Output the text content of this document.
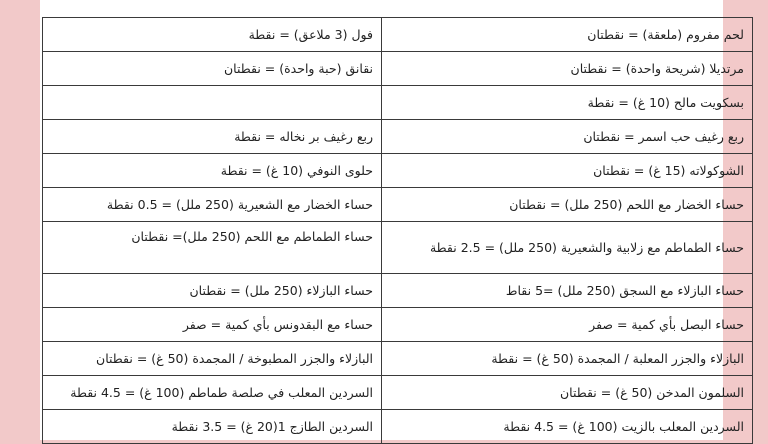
لحم مفروم (ملعقة) = نقطتان	فول (3 ملاعق) = نقطة
مرتديلا (شريحة واحدة) = نقطتان	نقانق (حبة واحدة) = نقطتان
بسكويت مالح (10 غ) = نقطة	
ربع رغيف حب اسمر = نقطتان	ربع رغيف بر نخاله = نقطة
الشوكولاته (15 غ) = نقطتان	حلوى النوفي (10 غ) = نقطة
حساء الخضار مع اللحم (250 ملل) = نقطتان	حساء الخضار مع الشعيرية (250 ملل) = 0.5 نقطة
حساء الطماطم مع زلابية والشعيرية (250 ملل) = 2.5 نقطة	حساء الطماطم مع اللحم (250 ملل)= نقطتان
حساء البازلاء مع السجق (250 ملل) =5 نقاط	حساء البازلاء (250 ملل) = نقطتان
حساء البصل بأي كمية = صفر	حساء مع البقدونس بأي كمية = صفر
البازلاء والجزر المعلبة / المجمدة (50 غ) = نقطة	البازلاء والجزر المطبوخة / المجمدة (50 غ) = نقطتان
السلمون المدخن (50 غ) = نقطتان	السردين المعلب في صلصة طماطم (100 غ) = 4.5 نقطة
السردين المعلب بالزيت (100 غ) = 4.5 نقطة	السردين الطازج 1(20 غ) = 3.5 نقطة
